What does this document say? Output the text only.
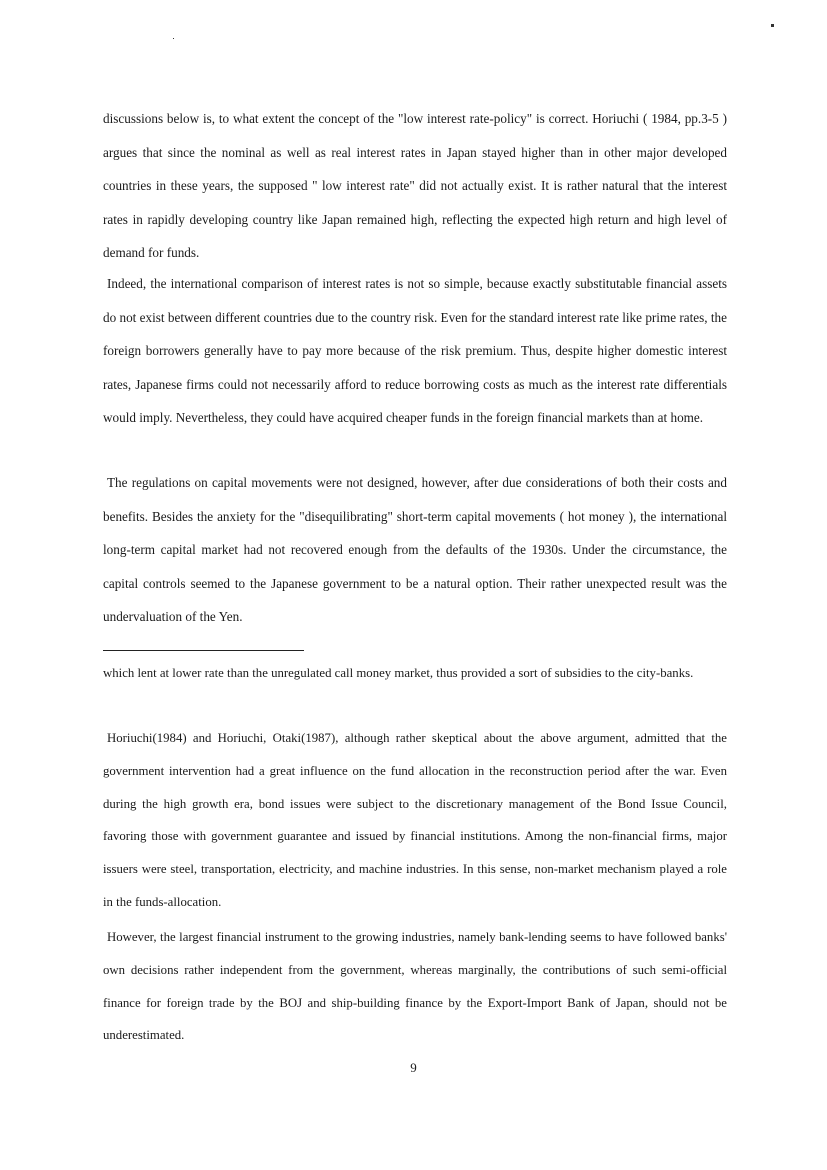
discussions below is, to what extent the concept of the "low interest rate-policy" is correct. Horiuchi ( 1984, pp.3-5 ) argues that since the nominal as well as real interest rates in Japan stayed higher than in other major developed countries in these years, the supposed " low interest rate" did not actually exist. It is rather natural that the interest rates in rapidly developing country like Japan remained high, reflecting the expected high return and high level of demand for funds.

Indeed, the international comparison of interest rates is not so simple, because exactly substitutable financial assets do not exist between different countries due to the country risk. Even for the standard interest rate like prime rates, the foreign borrowers generally have to pay more because of the risk premium. Thus, despite higher domestic interest rates, Japanese firms could not necessarily afford to reduce borrowing costs as much as the interest rate differentials would imply. Nevertheless, they could have acquired cheaper funds in the foreign financial markets than at home.

The regulations on capital movements were not designed, however, after due considerations of both their costs and benefits. Besides the anxiety for the "disequilibrating" short-term capital movements ( hot money ), the international long-term capital market had not recovered enough from the defaults of the 1930s. Under the circumstance, the capital controls seemed to the Japanese government to be a natural option. Their rather unexpected result was the undervaluation of the Yen.

which lent at lower rate than the unregulated call money market, thus provided a sort of subsidies to the city-banks.

Horiuchi(1984) and Horiuchi, Otaki(1987), although rather skeptical about the above argument, admitted that the government intervention had a great influence on the fund allocation in the reconstruction period after the war. Even during the high growth era, bond issues were subject to the discretionary management of the Bond Issue Council, favoring those with government guarantee and issued by financial institutions. Among the non-financial firms, major issuers were steel, transportation, electricity, and machine industries. In this sense, non-market mechanism played a role in the funds-allocation.

However, the largest financial instrument to the growing industries, namely bank-lending seems to have followed banks' own decisions rather independent from the government, whereas marginally, the contributions of such semi-official finance for foreign trade by the BOJ and ship-building finance by the Export-Import Bank of Japan, should not be underestimated.

9
